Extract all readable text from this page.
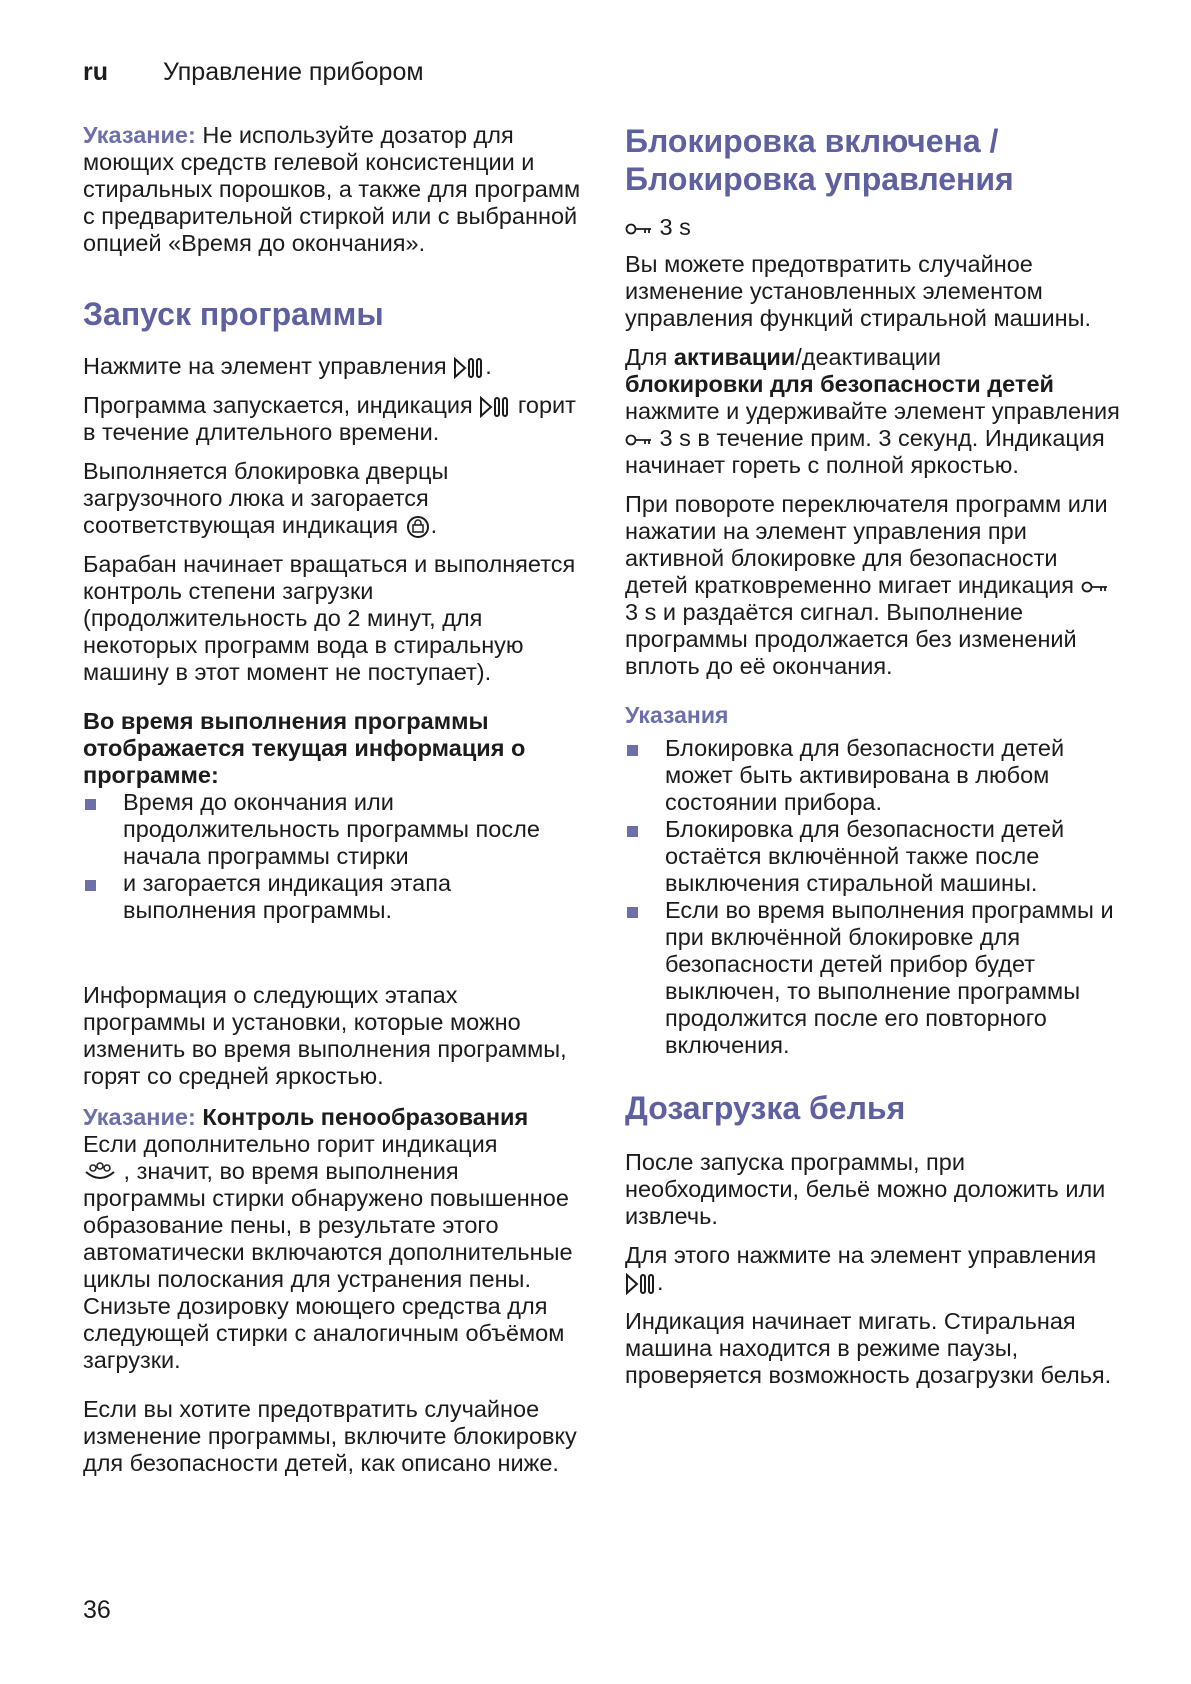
ru	Управление прибором

Указание: Не используйте дозатор для моющих средств гелевой консистенции и стиральных порошков, а также для программ с предварительной стиркой или с выбранной опцией «Время до окончания».

Запуск программы

Нажмите на элемент управления .

Программа запускается, индикация горит в течение длительного времени.

Выполняется блокировка дверцы загрузочного люка и загорается соответствующая индикация .

Барабан начинает вращаться и выполняется контроль степени загрузки (продолжительность до 2 минут, для некоторых программ вода в стиральную машину в этот момент не поступает).

Во время выполнения программы отображается текущая информация о программе:
Время до окончания или продолжительность программы после начала программы стирки
и загорается индикация этапа выполнения программы.

Информация о следующих этапах программы и установки, которые можно изменить во время выполнения программы, горят со средней яркостью.

Указание: Контроль пенообразования
Если дополнительно горит индикация
, значит, во время выполнения программы стирки обнаружено повышенное образование пены, в результате этого автоматически включаются дополнительные циклы полоскания для устранения пены. Снизьте дозировку моющего средства для следующей стирки с аналогичным объёмом загрузки.

Если вы хотите предотвратить случайное изменение программы, включите блокировку для безопасности детей, как описано ниже.

Блокировка включена / Блокировка управления

3 s

Вы можете предотвратить случайное изменение установленных элементом управления функций стиральной машины.

Для активации/деактивации
блокировки для безопасности детей
нажмите и удерживайте элемент управления  3 s в течение прим. 3 секунд. Индикация начинает гореть с полной яркостью.

При повороте переключателя программ или нажатии на элемент управления при активной блокировке для безопасности детей кратковременно мигает индикация  3 s и раздаётся сигнал. Выполнение программы продолжается без изменений вплоть до её окончания.

Указания
Блокировка для безопасности детей может быть активирована в любом состоянии прибора.
Блокировка для безопасности детей остаётся включённой также после выключения стиральной машины.
Если во время выполнения программы и при включённой блокировке для безопасности детей прибор будет выключен, то выполнение программы продолжится после его повторного включения.
Дозагрузка белья

После запуска программы, при необходимости, бельё можно доложить или извлечь.

Для этого нажмите на элемент управления
.

Индикация начинает мигать. Стиральная машина находится в режиме паузы, проверяется возможность дозагрузки белья.

36
